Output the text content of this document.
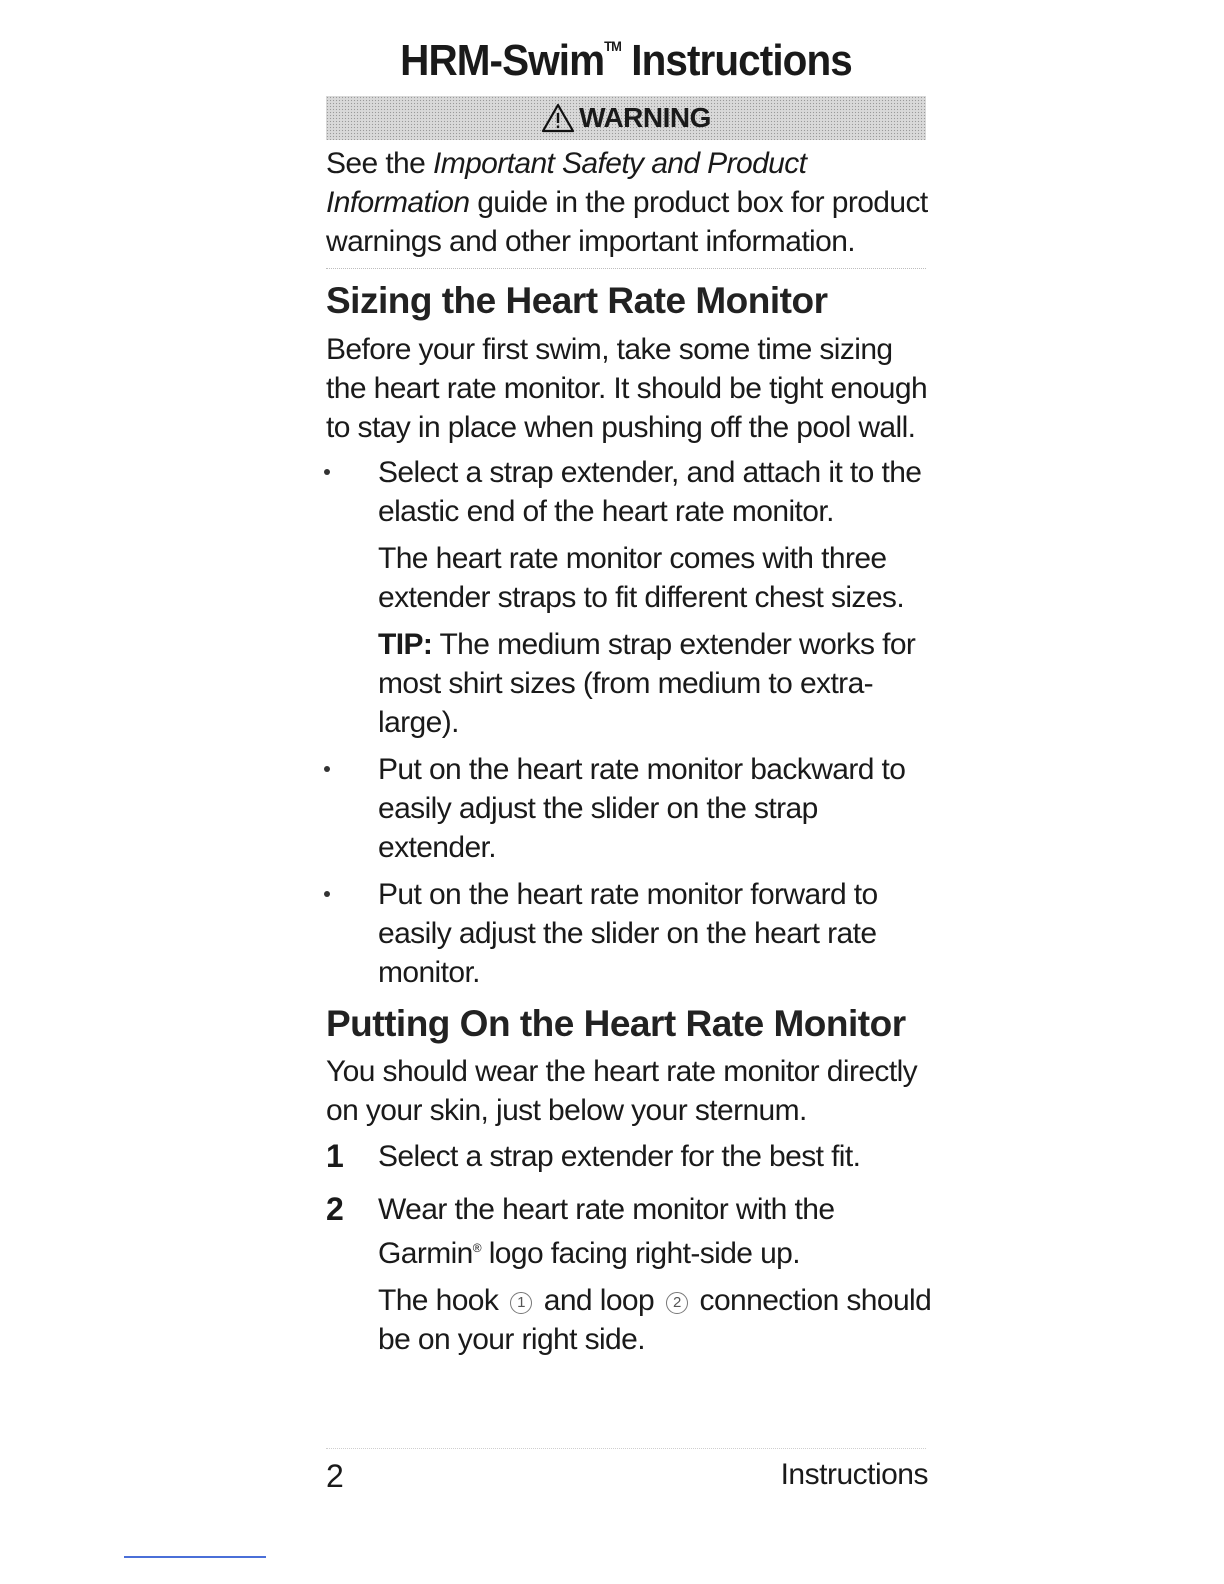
HRM-Swim™ Instructions
WARNING
See the Important Safety and Product Information guide in the product box for product warnings and other important information.
Sizing the Heart Rate Monitor
Before your first swim, take some time sizing the heart rate monitor. It should be tight enough to stay in place when pushing off the pool wall.
Select a strap extender, and attach it to the elastic end of the heart rate monitor.
The heart rate monitor comes with three extender straps to fit different chest sizes.
TIP: The medium strap extender works for most shirt sizes (from medium to extra-large).
Put on the heart rate monitor backward to easily adjust the slider on the strap extender.
Put on the heart rate monitor forward to easily adjust the slider on the heart rate monitor.
Putting On the Heart Rate Monitor
You should wear the heart rate monitor directly on your skin, just below your sternum.
1 Select a strap extender for the best fit.
2 Wear the heart rate monitor with the Garmin® logo facing right-side up.
The hook 1 and loop 2 connection should be on your right side.
2	Instructions
